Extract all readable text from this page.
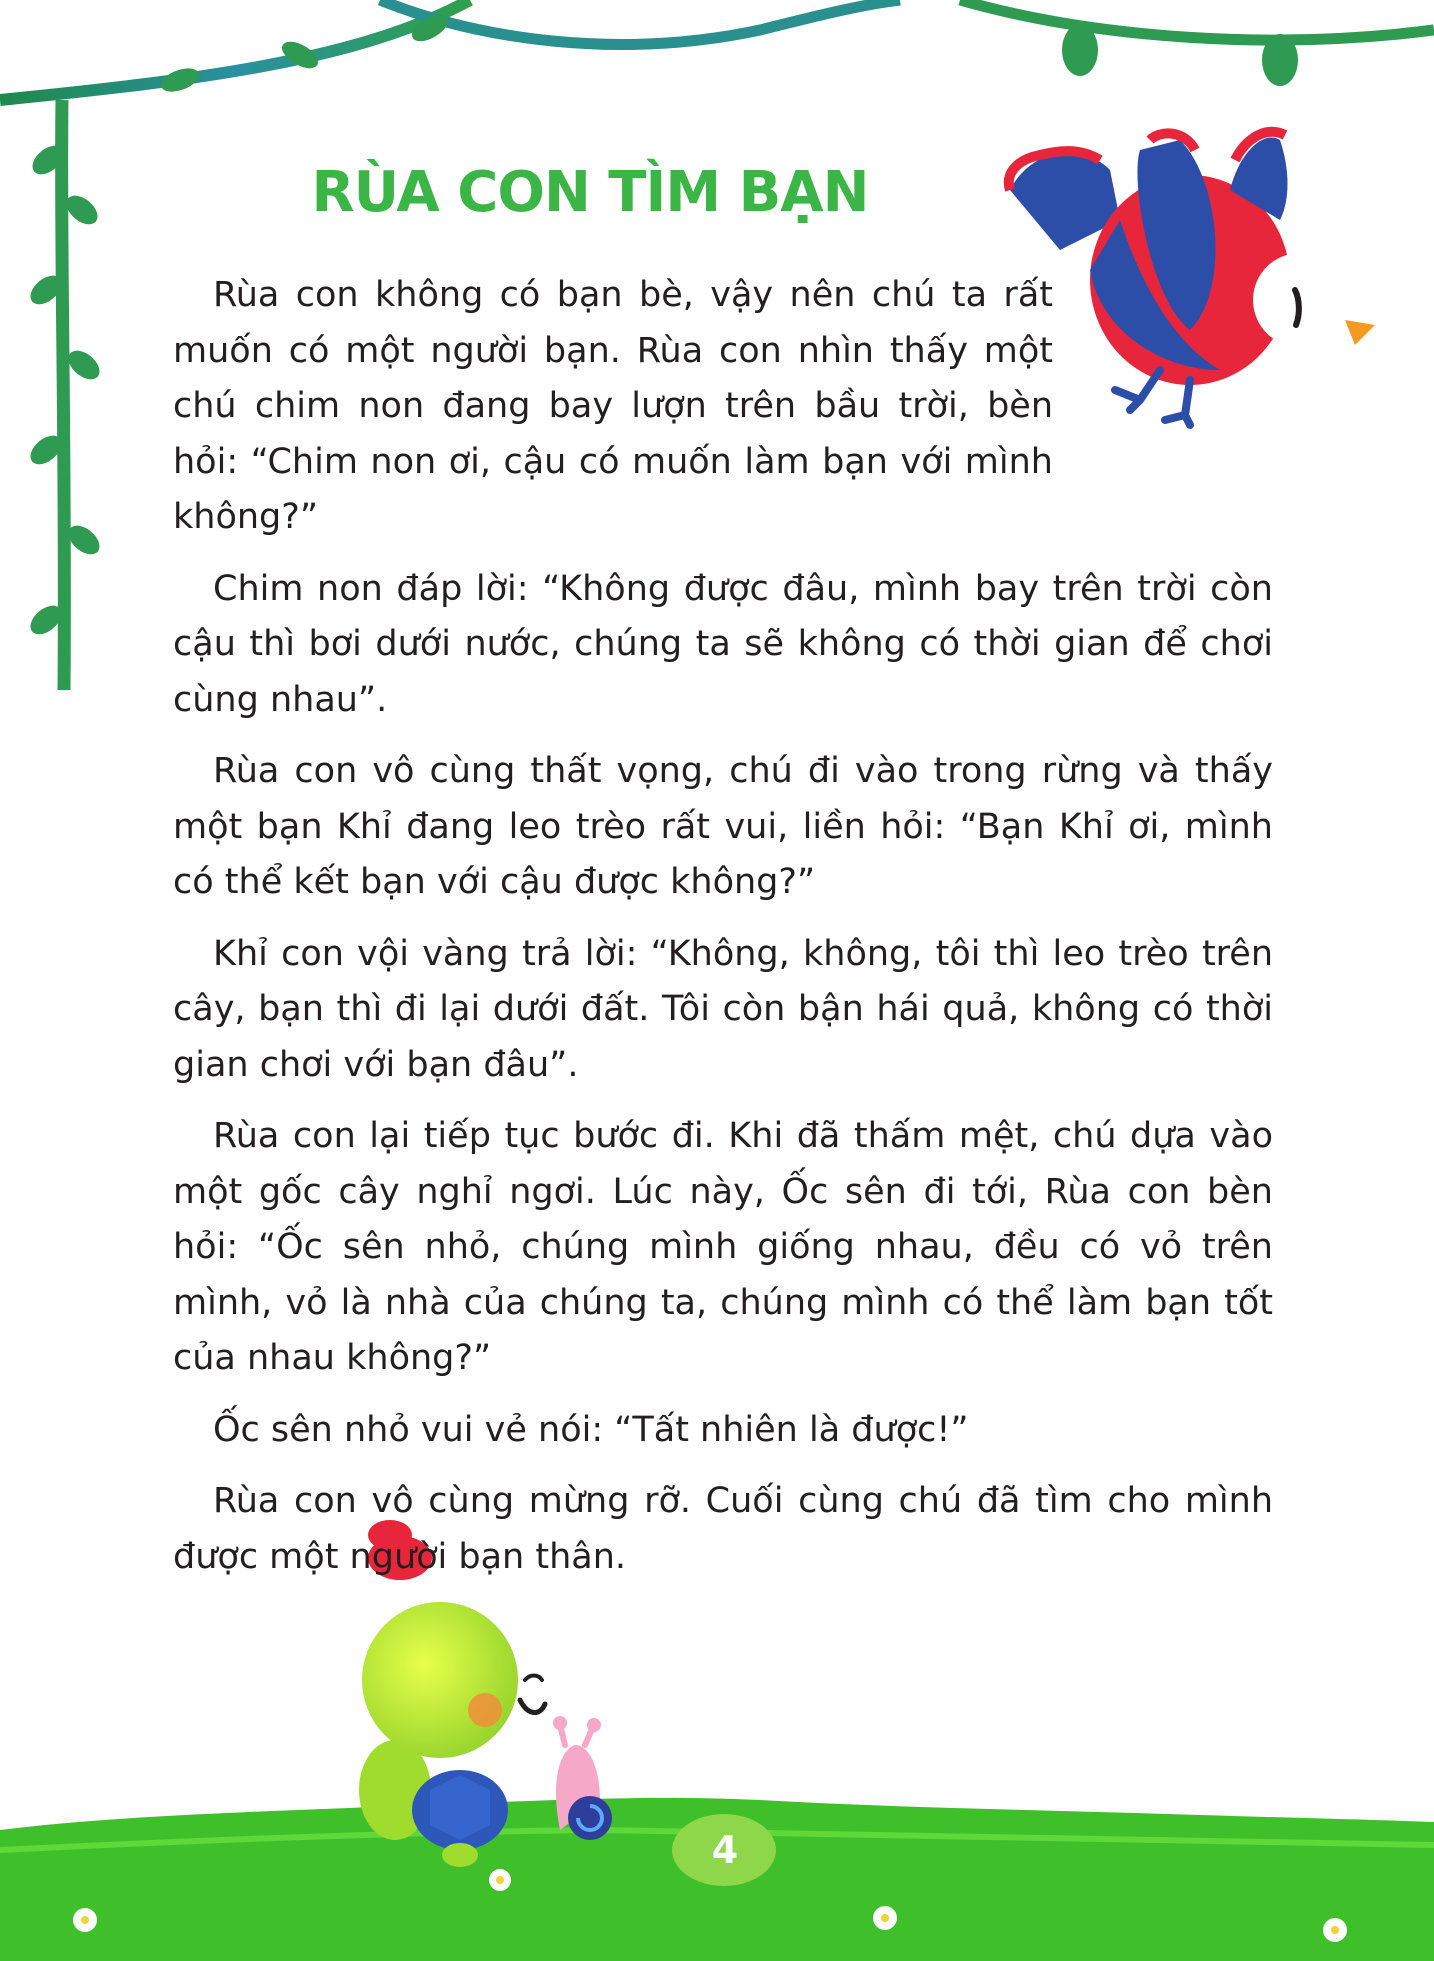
RÙA CON TÌM BẠN

Rùa con không có bạn bè, vậy nên chú ta rất muốn có một người bạn. Rùa con nhìn thấy một chú chim non đang bay lượn trên bầu trời, bèn hỏi: “Chim non ơi, cậu có muốn làm bạn với mình không?”

Chim non đáp lời: “Không được đâu, mình bay trên trời còn cậu thì bơi dưới nước, chúng ta sẽ không có thời gian để chơi cùng nhau”.

Rùa con vô cùng thất vọng, chú đi vào trong rừng và thấy một bạn Khỉ đang leo trèo rất vui, liền hỏi: “Bạn Khỉ ơi, mình có thể kết bạn với cậu được không?”

Khỉ con vội vàng trả lời: “Không, không, tôi thì leo trèo trên cây, bạn thì đi lại dưới đất. Tôi còn bận hái quả, không có thời gian chơi với bạn đâu”.

Rùa con lại tiếp tục bước đi. Khi đã thấm mệt, chú dựa vào một gốc cây nghỉ ngơi. Lúc này, Ốc sên đi tới, Rùa con bèn hỏi: “Ốc sên nhỏ, chúng mình giống nhau, đều có vỏ trên mình, vỏ là nhà của chúng ta, chúng mình có thể làm bạn tốt của nhau không?”

Ốc sên nhỏ vui vẻ nói: “Tất nhiên là được!”

Rùa con vô cùng mừng rỡ. Cuối cùng chú đã tìm cho mình được một người bạn thân.

4
